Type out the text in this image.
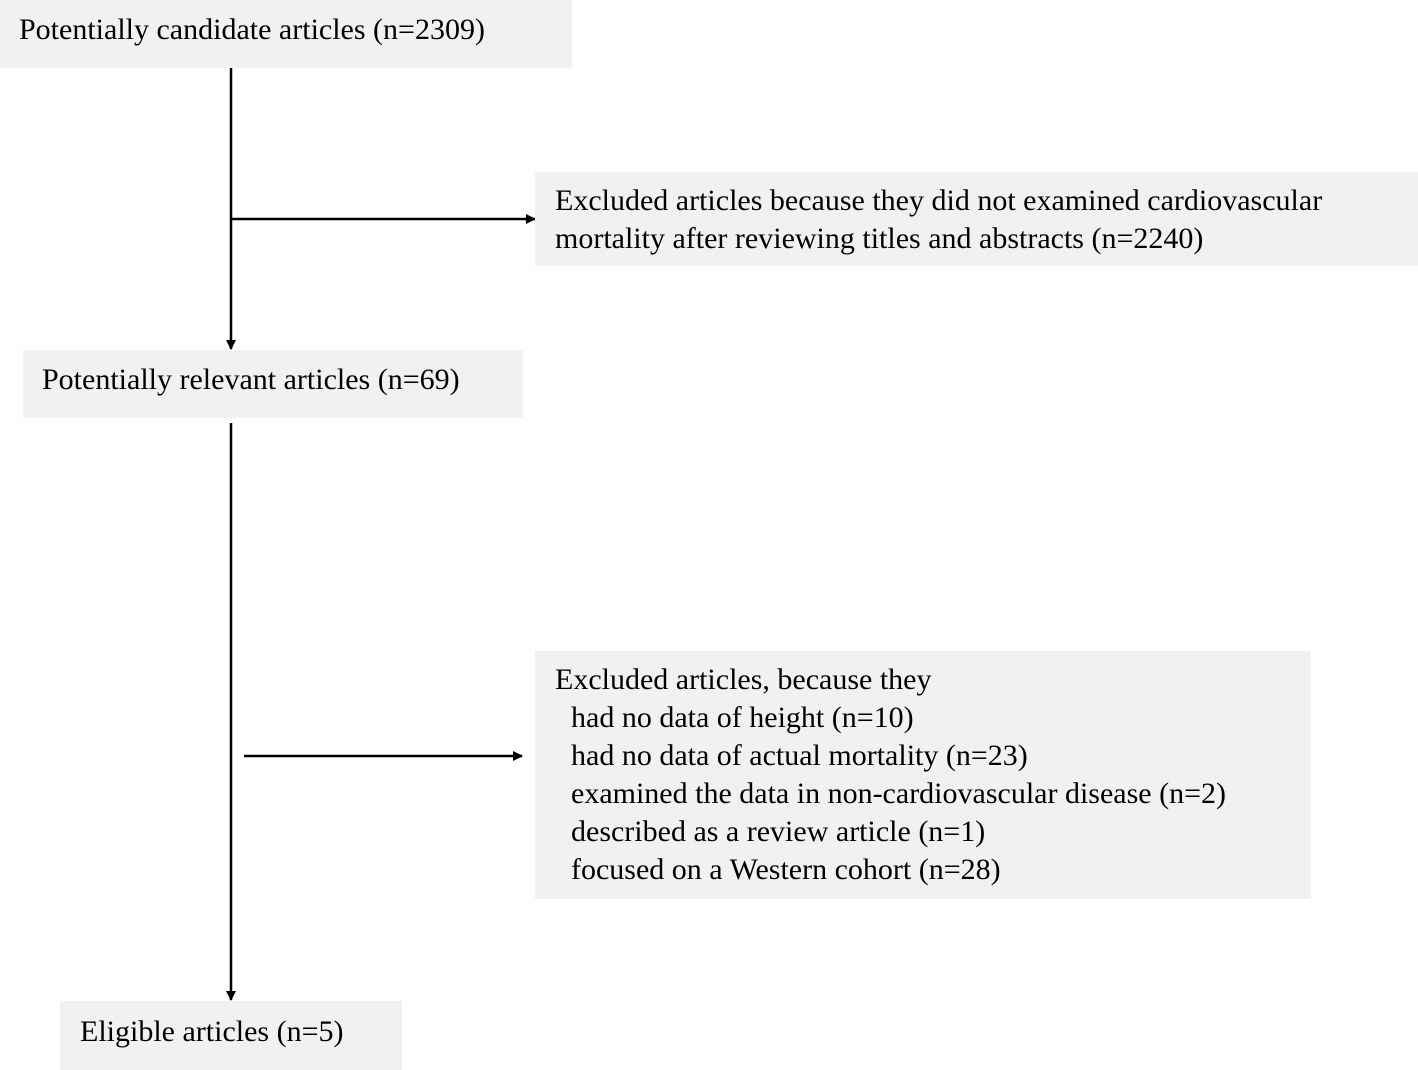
Potentially candidate articles (n=2309)
Excluded articles because they did not examined cardiovascular
mortality after reviewing titles and abstracts (n=2240)
Potentially relevant articles (n=69)
Excluded articles, because they
had no data of height (n=10)
had no data of actual mortality (n=23)
examined the data in non-cardiovascular disease (n=2)
described as a review article (n=1)
focused on a Western cohort (n=28)
Eligible articles (n=5)
